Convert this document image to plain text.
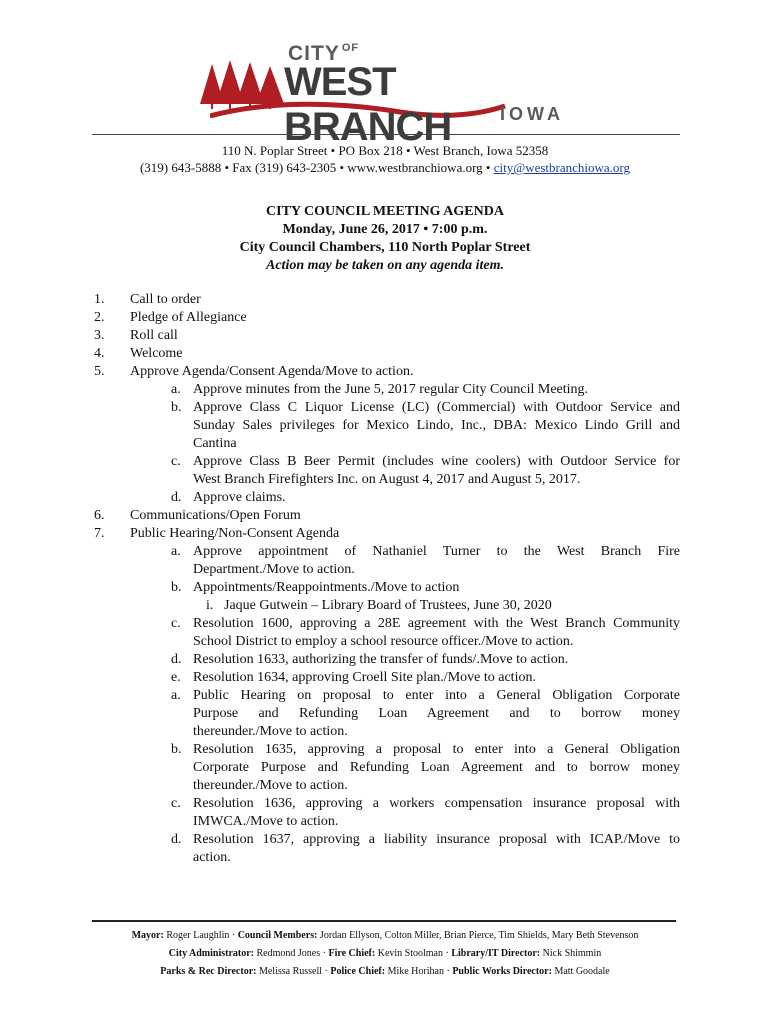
CITY $^{OF}$
WEST BRANCH	IOWA
110 N. Poplar Street • PO Box 218 • West Branch, Iowa 52358
(319) 643-5888 • Fax (319) 643-2305 • www.westbranchiowa.org • city@westbranchiowa.org
CITY COUNCIL MEETING AGENDA
Monday, June 26, 2017 • 7:00 p.m.
City Council Chambers, 110 North Poplar Street
Action may be taken on any agenda item.
1. Call to order
2. Pledge of Allegiance
3. Roll call
4. Welcome
5. Approve Agenda/Consent Agenda/Move to action.
a. Approve minutes from the June 5, 2017 regular City Council Meeting.
b. Approve Class C Liquor License (LC) (Commercial) with Outdoor Service and
Sunday Sales privileges for Mexico Lindo, Inc., DBA: Mexico Lindo Grill and
Cantina
c. Approve Class B Beer Permit (includes wine coolers) with Outdoor Service for
West Branch Firefighters Inc. on August 4, 2017 and August 5, 2017.
d. Approve claims.
6. Communications/Open Forum
7. Public Hearing/Non-Consent Agenda
a. Approve appointment of Nathaniel Turner to the West Branch Fire
Department./Move to action.
b. Appointments/Reappointments./Move to action
i. Jaque Gutwein – Library Board of Trustees, June 30, 2020
c. Resolution 1600, approving a 28E agreement with the West Branch Community
School District to employ a school resource officer./Move to action.
d. Resolution 1633, authorizing the transfer of funds/.Move to action.
e. Resolution 1634, approving Croell Site plan./Move to action.
a. Public Hearing on proposal to enter into a General Obligation Corporate
Purpose and Refunding Loan Agreement and to borrow money
thereunder./Move to action.
b. Resolution 1635, approving a proposal to enter into a General Obligation
Corporate Purpose and Refunding Loan Agreement and to borrow money
thereunder./Move to action.
c. Resolution 1636, approving a workers compensation insurance proposal with
IMWCA./Move to action.
d. Resolution 1637, approving a liability insurance proposal with ICAP./Move to
action.
Mayor: Roger Laughlin · Council Members: Jordan Ellyson, Colton Miller, Brian Pierce, Tim Shields, Mary Beth Stevenson
City Administrator: Redmond Jones · Fire Chief: Kevin Stoolman · Library/IT Director: Nick Shimmin
Parks & Rec Director: Melissa Russell · Police Chief: Mike Horihan · Public Works Director: Matt Goodale
